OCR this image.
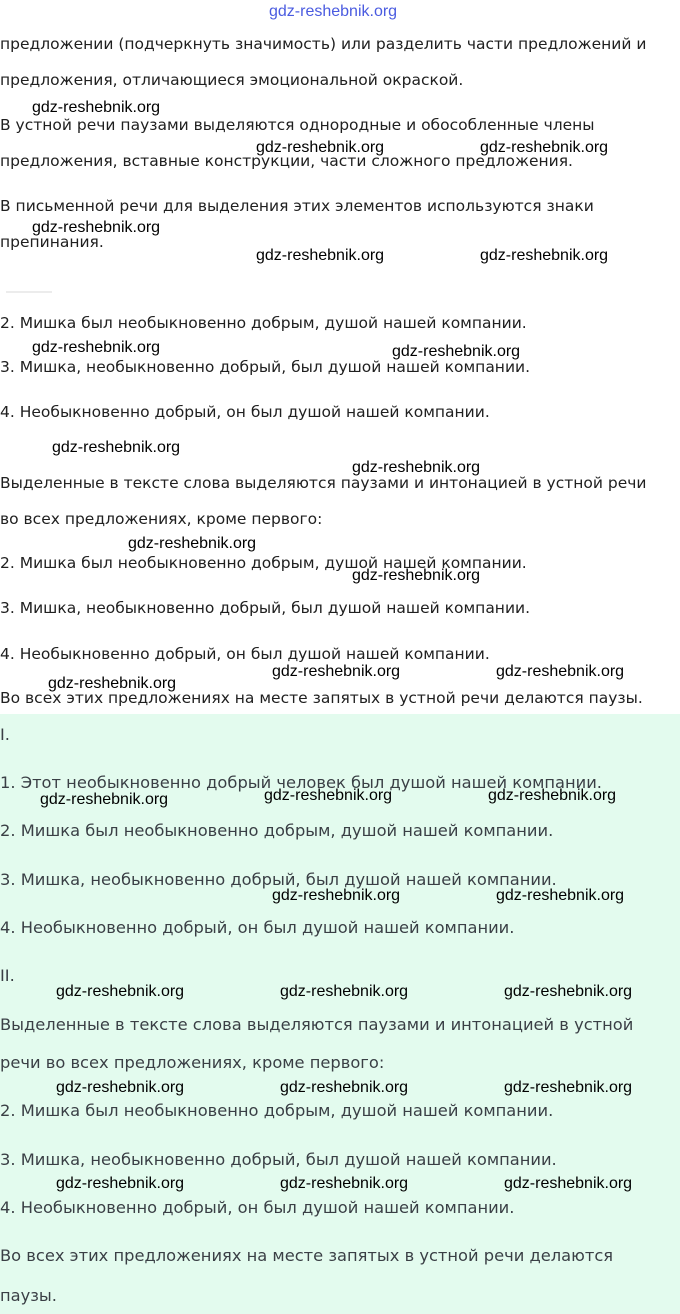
gdz-reshebnik.org
предложении (подчеркнуть значимость) или разделить части предложений и
предложения, отличающиеся эмоциональной окраской.
В устной речи паузами выделяются однородные и обособленные члены
предложения, вставные конструкции, части сложного предложения.
В письменной речи для выделения этих элементов используются знаки
препинания.
2. Мишка был необыкновенно добрым, душой нашей компании.
3. Мишка, необыкновенно добрый, был душой нашей компании.
4. Необыкновенно добрый, он был душой нашей компании.
Выделенные в тексте слова выделяются паузами и интонацией в устной речи
во всех предложениях, кроме первого:
2. Мишка был необыкновенно добрым, душой нашей компании.
3. Мишка, необыкновенно добрый, был душой нашей компании.
4. Необыкновенно добрый, он был душой нашей компании.
Во всех этих предложениях на месте запятых в устной речи делаются паузы.
I.
1. Этот необыкновенно добрый человек был душой нашей компании.
2. Мишка был необыкновенно добрым, душой нашей компании.
3. Мишка, необыкновенно добрый, был душой нашей компании.
4. Необыкновенно добрый, он был душой нашей компании.
II.
Выделенные в тексте слова выделяются паузами и интонацией в устной
речи во всех предложениях, кроме первого:
2. Мишка был необыкновенно добрым, душой нашей компании.
3. Мишка, необыкновенно добрый, был душой нашей компании.
4. Необыкновенно добрый, он был душой нашей компании.
Во всех этих предложениях на месте запятых в устной речи делаются
паузы.
gdz-reshebnik.org
gdz-reshebnik.org	gdz-reshebnik.org
gdz-reshebnik.org
gdz-reshebnik.org	gdz-reshebnik.org
gdz-reshebnik.org	gdz-reshebnik.org
gdz-reshebnik.org
gdz-reshebnik.org
gdz-reshebnik.org
gdz-reshebnik.org
gdz-reshebnik.org	gdz-reshebnik.org
gdz-reshebnik.org
gdz-reshebnik.org	gdz-reshebnik.org	gdz-reshebnik.org
gdz-reshebnik.org	gdz-reshebnik.org
gdz-reshebnik.org	gdz-reshebnik.org	gdz-reshebnik.org
gdz-reshebnik.org	gdz-reshebnik.org	gdz-reshebnik.org
gdz-reshebnik.org	gdz-reshebnik.org	gdz-reshebnik.org
